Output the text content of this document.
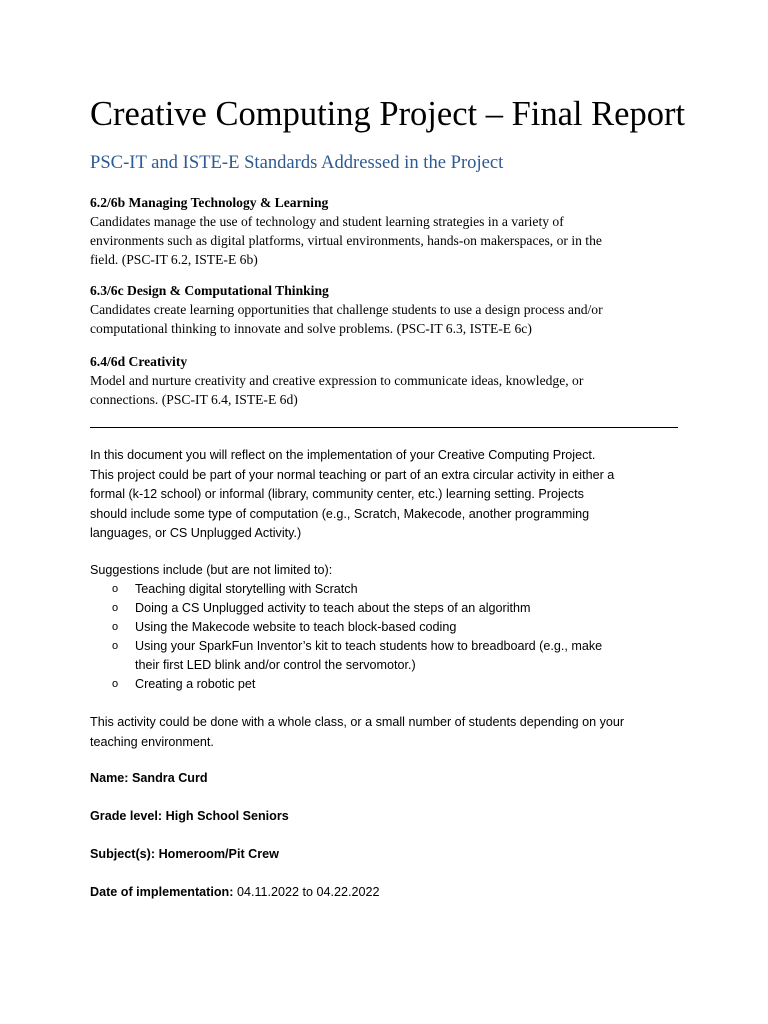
Creative Computing Project – Final Report
PSC-IT and ISTE-E Standards Addressed in the Project
6.2/6b Managing Technology & Learning
Candidates manage the use of technology and student learning strategies in a variety of
environments such as digital platforms, virtual environments, hands-on makerspaces, or in the
field. (PSC-IT 6.2, ISTE-E 6b)
6.3/6c Design & Computational Thinking
Candidates create learning opportunities that challenge students to use a design process and/or
computational thinking to innovate and solve problems. (PSC-IT 6.3, ISTE-E 6c)
6.4/6d Creativity
Model and nurture creativity and creative expression to communicate ideas, knowledge, or
connections. (PSC-IT 6.4, ISTE-E 6d)
In this document you will reflect on the implementation of your Creative Computing Project.
This project could be part of your normal teaching or part of an extra circular activity in either a
formal (k-12 school) or informal (library, community center, etc.) learning setting. Projects
should include some type of computation (e.g., Scratch, Makecode, another programming
languages, or CS Unplugged Activity.)
Suggestions include (but are not limited to):
o Teaching digital storytelling with Scratch
o Doing a CS Unplugged activity to teach about the steps of an algorithm
o Using the Makecode website to teach block-based coding
o Using your SparkFun Inventor’s kit to teach students how to breadboard (e.g., make
their first LED blink and/or control the servomotor.)
o Creating a robotic pet
This activity could be done with a whole class, or a small number of students depending on your
teaching environment.
Name: Sandra Curd
Grade level: High School Seniors
Subject(s): Homeroom/Pit Crew
Date of implementation: 04.11.2022 to 04.22.2022
